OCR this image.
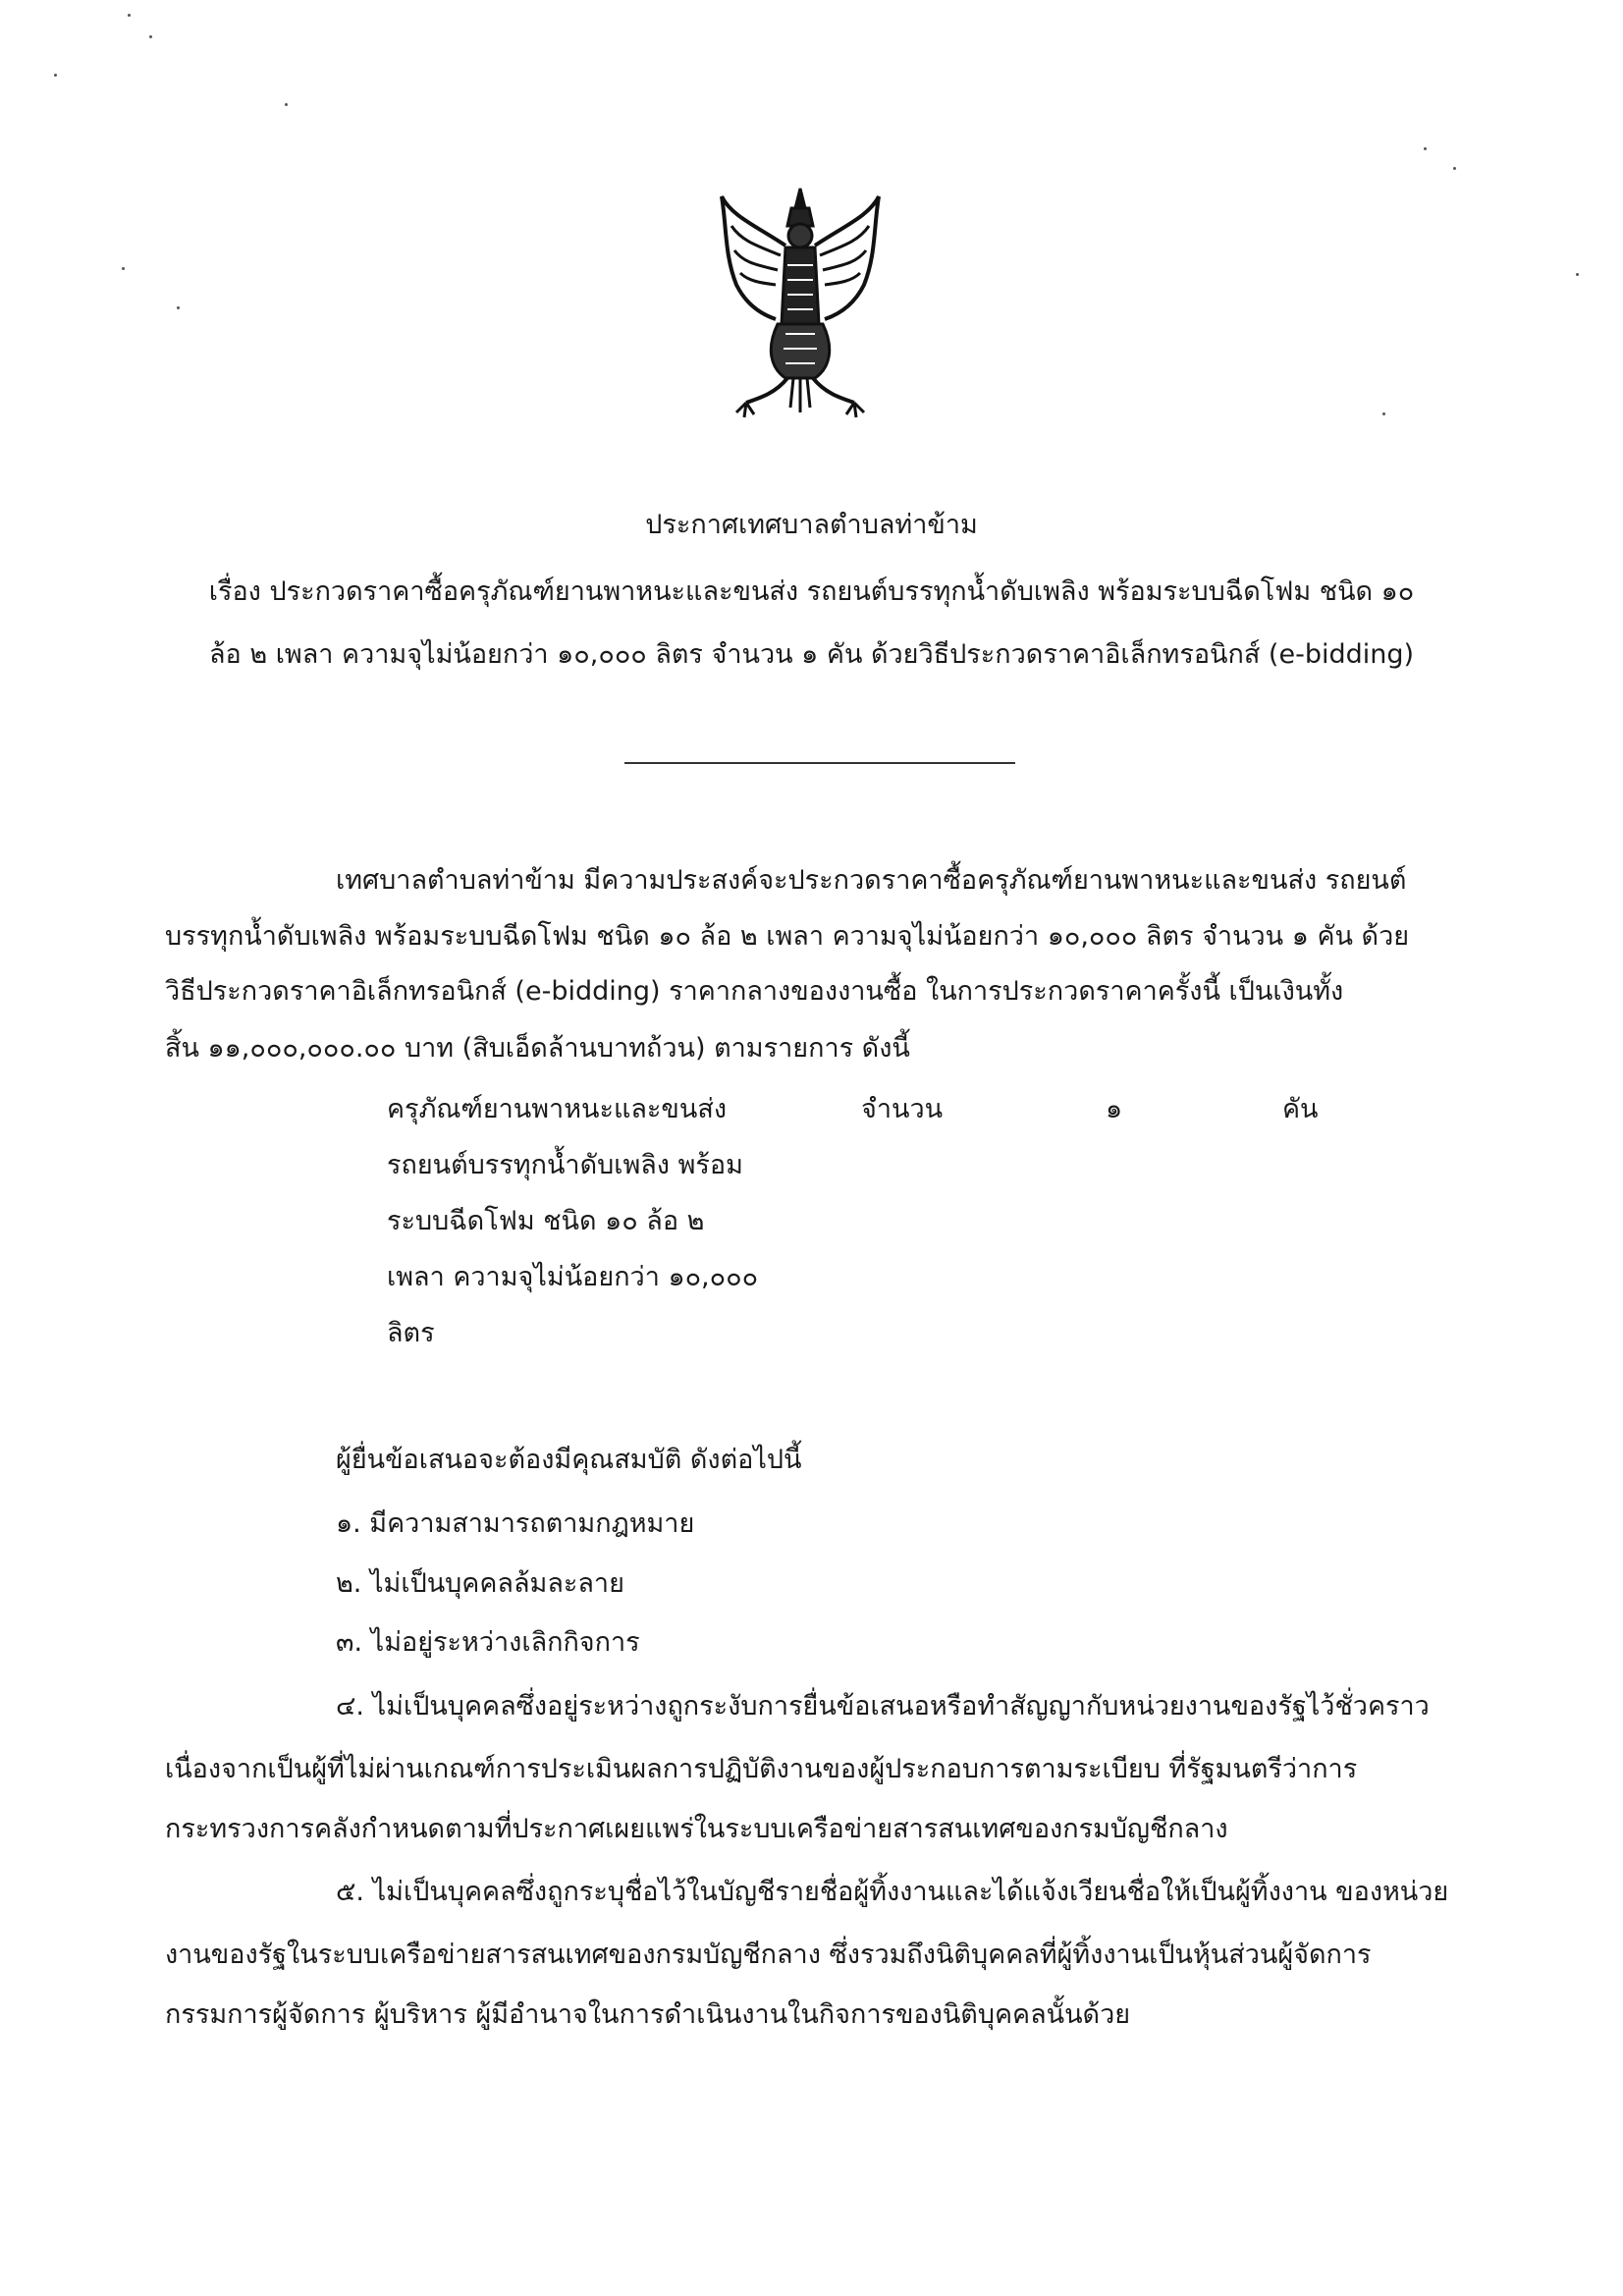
ประกาศเทศบาลตำบลท่าข้าม
เรื่อง ประกวดราคาซื้อครุภัณฑ์ยานพาหนะและขนส่ง รถยนต์บรรทุกน้ำดับเพลิง พร้อมระบบฉีดโฟม ชนิด ๑๐
ล้อ ๒ เพลา ความจุไม่น้อยกว่า ๑๐,๐๐๐ ลิตร จำนวน ๑ คัน ด้วยวิธีประกวดราคาอิเล็กทรอนิกส์ (e-bidding)
เทศบาลตำบลท่าข้าม มีความประสงค์จะประกวดราคาซื้อครุภัณฑ์ยานพาหนะและขนส่ง รถยนต์
บรรทุกน้ำดับเพลิง พร้อมระบบฉีดโฟม ชนิด ๑๐ ล้อ ๒ เพลา ความจุไม่น้อยกว่า ๑๐,๐๐๐ ลิตร จำนวน ๑ คัน ด้วย
วิธีประกวดราคาอิเล็กทรอนิกส์ (e-bidding) ราคากลางของงานซื้อ ในการประกวดราคาครั้งนี้ เป็นเงินทั้ง
สิ้น ๑๑,๐๐๐,๐๐๐.๐๐ บาท (สิบเอ็ดล้านบาทถ้วน) ตามรายการ ดังนี้
ครุภัณฑ์ยานพาหนะและขนส่ง	จำนวน	๑	คัน
รถยนต์บรรทุกน้ำดับเพลิง พร้อม
ระบบฉีดโฟม ชนิด ๑๐ ล้อ ๒
เพลา ความจุไม่น้อยกว่า ๑๐,๐๐๐
ลิตร
ผู้ยื่นข้อเสนอจะต้องมีคุณสมบัติ ดังต่อไปนี้
๑. มีความสามารถตามกฎหมาย
๒. ไม่เป็นบุคคลล้มละลาย
๓. ไม่อยู่ระหว่างเลิกกิจการ
๔. ไม่เป็นบุคคลซึ่งอยู่ระหว่างถูกระงับการยื่นข้อเสนอหรือทำสัญญากับหน่วยงานของรัฐไว้ชั่วคราว
เนื่องจากเป็นผู้ที่ไม่ผ่านเกณฑ์การประเมินผลการปฏิบัติงานของผู้ประกอบการตามระเบียบ ที่รัฐมนตรีว่าการ
กระทรวงการคลังกำหนดตามที่ประกาศเผยแพร่ในระบบเครือข่ายสารสนเทศของกรมบัญชีกลาง
๕. ไม่เป็นบุคคลซึ่งถูกระบุชื่อไว้ในบัญชีรายชื่อผู้ทิ้งงานและได้แจ้งเวียนชื่อให้เป็นผู้ทิ้งงาน ของหน่วย
งานของรัฐในระบบเครือข่ายสารสนเทศของกรมบัญชีกลาง ซึ่งรวมถึงนิติบุคคลที่ผู้ทิ้งงานเป็นหุ้นส่วนผู้จัดการ
กรรมการผู้จัดการ ผู้บริหาร ผู้มีอำนาจในการดำเนินงานในกิจการของนิติบุคคลนั้นด้วย
